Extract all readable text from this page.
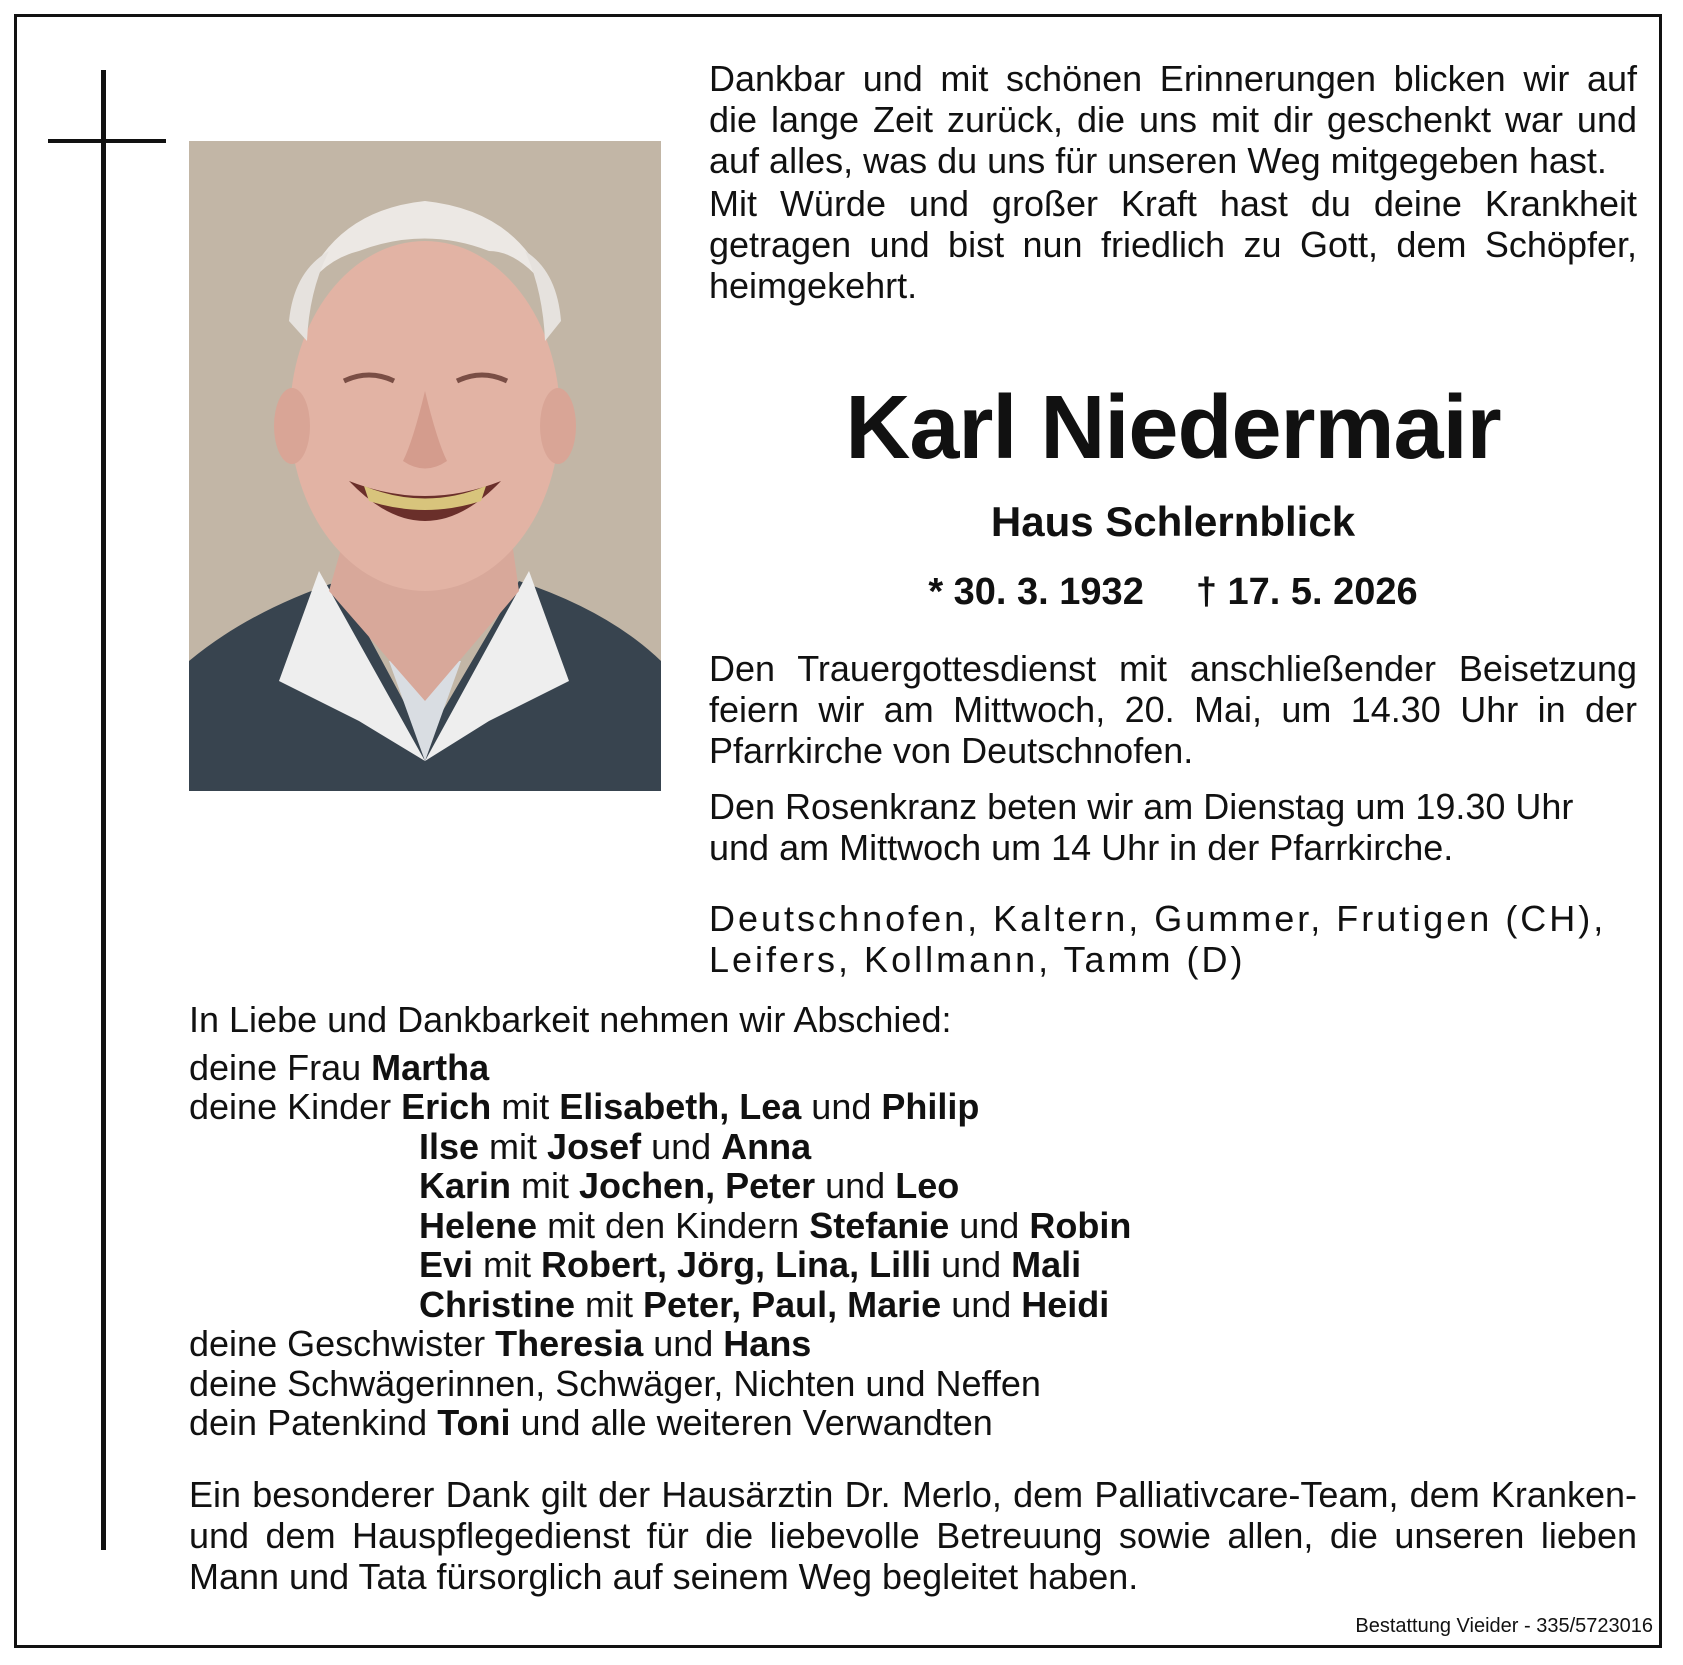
Dankbar und mit schönen Erinnerungen blicken wir auf die lange Zeit zurück, die uns mit dir geschenkt war und auf alles, was du uns für unseren Weg mitgegeben hast.

Mit Würde und großer Kraft hast du deine Krankheit getragen und bist nun friedlich zu Gott, dem Schöpfer, heimgekehrt.

Karl Niedermair
Haus Schlernblick
* 30. 3. 1932 † 17. 5. 2026

Den Trauergottesdienst mit anschließender Beisetzung feiern wir am Mittwoch, 20. Mai, um 14.30 Uhr in der Pfarrkirche von Deutschnofen.

Den Rosenkranz beten wir am Dienstag um 19.30 Uhr und am Mittwoch um 14 Uhr in der Pfarrkirche.

Deutschnofen, Kaltern, Gummer, Frutigen (CH), Leifers, Kollmann, Tamm (D)

In Liebe und Dankbarkeit nehmen wir Abschied:
deine Frau Martha
deine Kinder Erich mit Elisabeth, Lea und Philip
Ilse mit Josef und Anna
Karin mit Jochen, Peter und Leo
Helene mit den Kindern Stefanie und Robin
Evi mit Robert, Jörg, Lina, Lilli und Mali
Christine mit Peter, Paul, Marie und Heidi
deine Geschwister Theresia und Hans
deine Schwägerinnen, Schwäger, Nichten und Neffen
dein Patenkind Toni und alle weiteren Verwandten

Ein besonderer Dank gilt der Hausärztin Dr. Merlo, dem Palliativcare-Team, dem Kranken- und dem Hauspflegedienst für die liebevolle Betreuung sowie allen, die unseren lieben Mann und Tata fürsorglich auf seinem Weg begleitet haben.

Bestattung Vieider - 335/5723016
